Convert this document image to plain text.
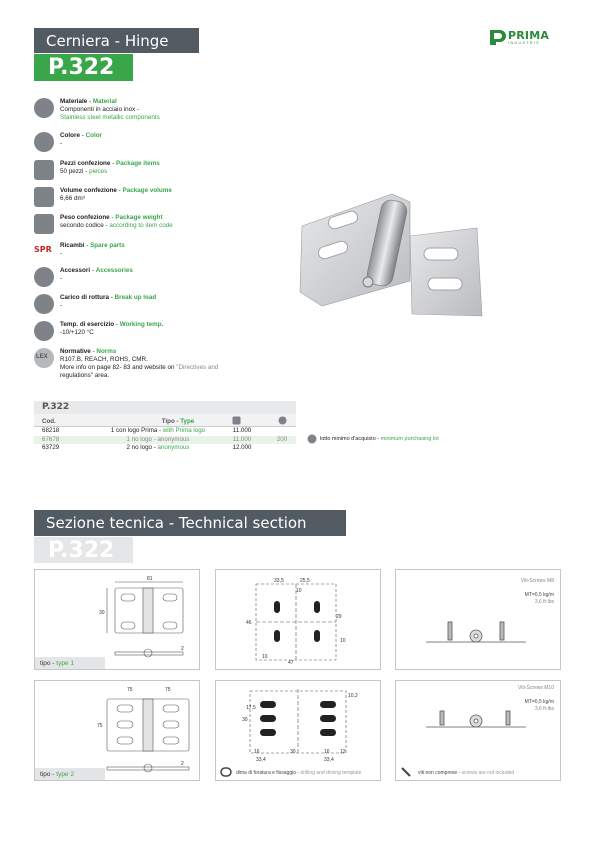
Cerniera - Hinge
P.322
PRIMA
INDUSTRIE
Materiale - Material
Componenti in acciaio inox -
Stainless steel metallic components
Colore - Color
-
Pezzi confezione - Package items
50 pezzi - pieces
Volume confezione - Package volume
6,66 dm³
Peso confezione - Package weight
secondo codice - according to item code
SPR Ricambi - Spare parts
-
Accessori - Accessories
-
Carico di rottura - Break up load
-
Temp. di esercizio - Working temp.
-10/+120 °C
LEX
Normative - Norms
R107.B, REACH, ROHS, CMR.
More info on page 82- 83 and website on "Directives and
regulations" area.
P.322
Cod.	Tipo - Type
68218	1 con logo Prima - with Prima logo	11.000
67678	1 no logo - anonymous	11.000	200
63729	2 no logo - anonymous	12.000
lotto minimo d'acquisto - minimum purchasing lot
Sezione tecnica - Technical section
P.322
81
30
2
tipo - type 1
33,5	25,5
10
46
29
10
47
10
Viti-Screws M8

MT=0,5 kg/m
3,6 ft-lbs
75	75
75
2
tipo - type 2
30
17,5
10,2
16	30	16 12
33,4	33,4
dima di foratura e fissaggio - drilling and driving template
Viti-Screws M10

MT=0,5 kg/m
3,6 ft-lbs
viti non comprese - screws are not included
